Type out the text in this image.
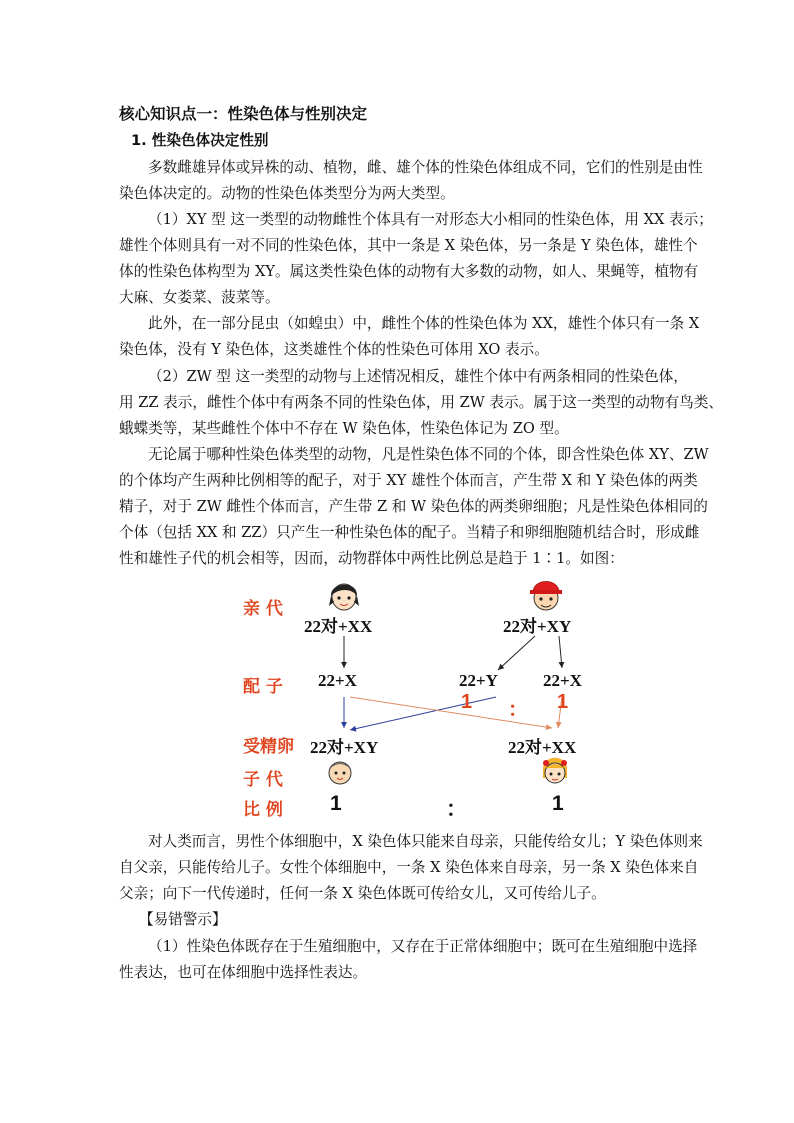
核心知识点一：性染色体与性别决定
1. 性染色体决定性别
多数雌雄异体或异株的动、植物，雌、雄个体的性染色体组成不同，它们的性别是由性
染色体决定的。动物的性染色体类型分为两大类型。
（1）XY 型 这一类型的动物雌性个体具有一对形态大小相同的性染色体，用 XX 表示；
雄性个体则具有一对不同的性染色体，其中一条是 X 染色体，另一条是 Y 染色体，雄性个
体的性染色体构型为 XY。属这类性染色体的动物有大多数的动物，如人、果蝇等，植物有
大麻、女娄菜、菠菜等。
此外，在一部分昆虫（如蝗虫）中，雌性个体的性染色体为 XX，雄性个体只有一条 X
染色体，没有 Y 染色体，这类雄性个体的性染色可体用 XO 表示。
（2）ZW 型 这一类型的动物与上述情况相反，雄性个体中有两条相同的性染色体，
用 ZZ 表示，雌性个体中有两条不同的性染色体，用 ZW 表示。属于这一类型的动物有鸟类、
蛾蝶类等，某些雌性个体中不存在 W 染色体，性染色体记为 ZO 型。
无论属于哪种性染色体类型的动物，凡是性染色体不同的个体，即含性染色体 XY、ZW
的个体均产生两种比例相等的配子，对于 XY 雄性个体而言，产生带 X 和 Y 染色体的两类
精子，对于 ZW 雌性个体而言，产生带 Z 和 W 染色体的两类卵细胞；凡是性染色体相同的
个体（包括 XX 和 ZZ）只产生一种性染色体的配子。当精子和卵细胞随机结合时，形成雌
性和雄性子代的机会相等，因而，动物群体中两性比例总是趋于 1∶1。如图：
亲 代
配 子
受精卵
子 代
比 例
22对+XX	22对+XY
22+X	22+Y	22+X
1 ： 1
22对+XY	22对+XX
1	：	1
对人类而言，男性个体细胞中，X 染色体只能来自母亲，只能传给女儿；Y 染色体则来
自父亲，只能传给儿子。女性个体细胞中，一条 X 染色体来自母亲，另一条 X 染色体来自
父亲；向下一代传递时，任何一条 X 染色体既可传给女儿，又可传给儿子。
【易错警示】
（1）性染色体既存在于生殖细胞中，又存在于正常体细胞中；既可在生殖细胞中选择
性表达，也可在体细胞中选择性表达。
